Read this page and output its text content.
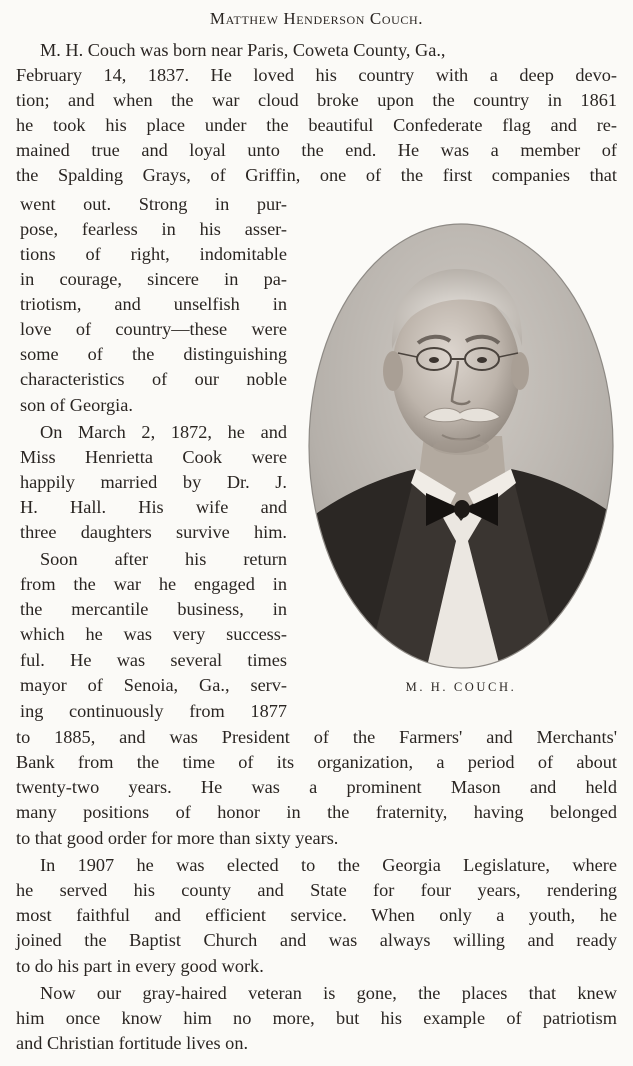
Matthew Henderson Couch.
M. H. Couch was born near Paris, Coweta County, Ga.,
February 14, 1837. He loved his country with a deep devo-
tion; and when the war cloud broke upon the country in 1861
he took his place under the beautiful Confederate flag and re-
mained true and loyal unto the end. He was a member of
the Spalding Grays, of Griffin, one of the first companies that
went out. Strong in pur-
pose, fearless in his asser-
tions of right, indomitable
in courage, sincere in pa-
triotism, and unselfish in
love of country—these were
some of the distinguishing
characteristics of our noble
son of Georgia.
On March 2, 1872, he and
Miss Henrietta Cook were
happily married by Dr. J.
H. Hall. His wife and
three daughters survive him.
Soon after his return
from the war he engaged in
the mercantile business, in
which he was very success-
ful. He was several times
mayor of Senoia, Ga., serv-
ing continuously from 1877
to 1885, and was President of the Farmers' and Merchants'
Bank from the time of its organization, a period of about
twenty-two years. He was a prominent Mason and held
many positions of honor in the fraternity, having belonged
to that good order for more than sixty years.
In 1907 he was elected to the Georgia Legislature, where
he served his county and State for four years, rendering
most faithful and efficient service. When only a youth, he
joined the Baptist Church and was always willing and ready
to do his part in every good work.
Now our gray-haired veteran is gone, the places that knew
him once know him no more, but his example of patriotism
and Christian fortitude lives on.
M. H. COUCH.
